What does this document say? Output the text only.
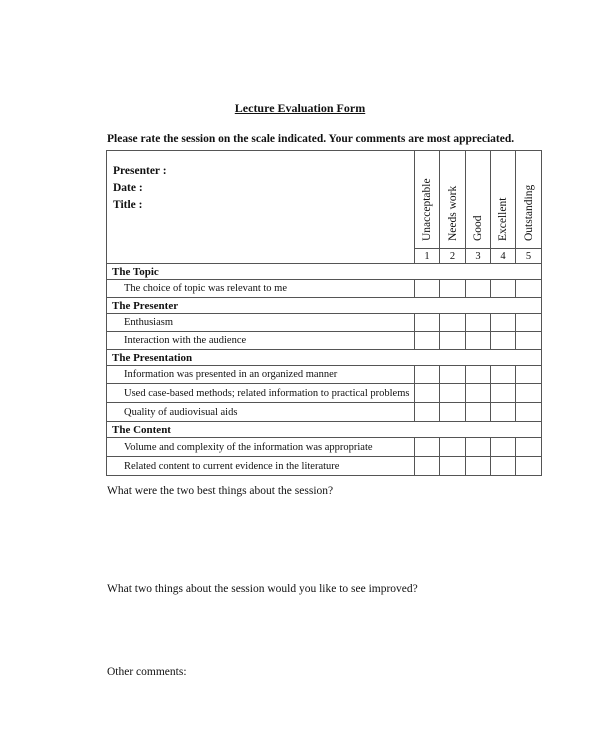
Lecture Evaluation Form
Please rate the session on the scale indicated. Your comments are most appreciated.
Presenter :
Date :
Title :	Unacceptable	Needs work	Good	Excellent	Outstanding

	1	2	3	4	5
The Topic					
The choice of topic was relevant to me					
The Presenter					
Enthusiasm					
Interaction with the audience					
The Presentation					
Information was presented in an organized manner					
Used case-based methods; related information to practical problems					
Quality of audiovisual aids					
The Content					
Volume and complexity of the information was appropriate					
Related content to current evidence in the literature					
What were the two best things about the session?
What two things about the session would you like to see improved?
Other comments:
